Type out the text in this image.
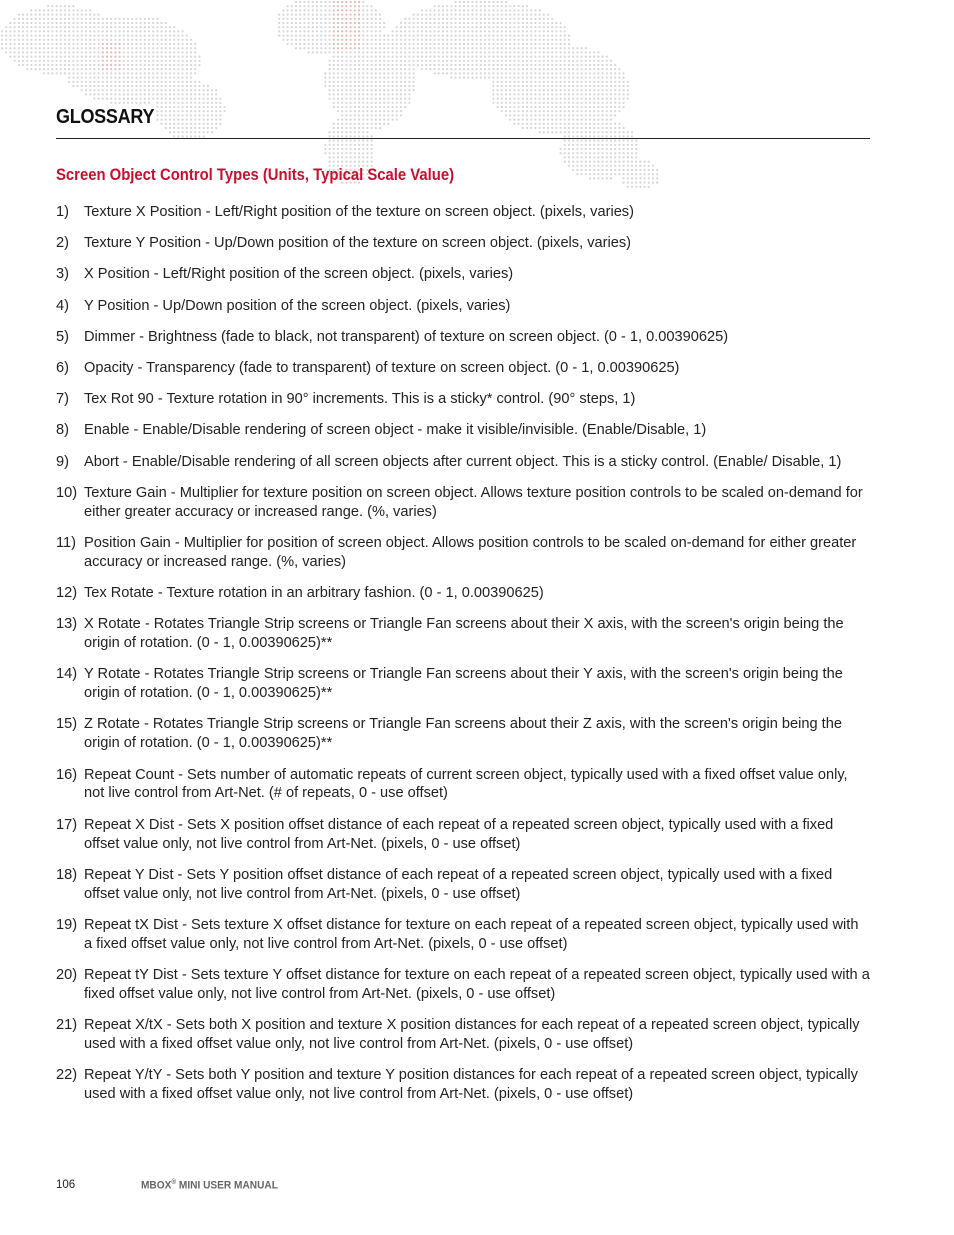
GLOSSARY
Screen Object Control Types (Units, Typical Scale Value)
1) Texture X Position - Left/Right position of the texture on screen object. (pixels, varies)
2) Texture Y Position - Up/Down position of the texture on screen object. (pixels, varies)
3) X Position - Left/Right position of the screen object. (pixels, varies)
4) Y Position - Up/Down position of the screen object. (pixels, varies)
5) Dimmer - Brightness (fade to black, not transparent) of texture on screen object. (0 - 1, 0.00390625)
6) Opacity - Transparency (fade to transparent) of texture on screen object. (0 - 1, 0.00390625)
7) Tex Rot 90 - Texture rotation in 90° increments. This is a sticky* control. (90° steps, 1)
8) Enable - Enable/Disable rendering of screen object - make it visible/invisible. (Enable/Disable, 1)
9) Abort - Enable/Disable rendering of all screen objects after current object. This is a sticky control. (Enable/ Disable, 1)
10) Texture Gain - Multiplier for texture position on screen object. Allows texture position controls to be scaled on-demand for either greater accuracy or increased range. (%, varies)
11) Position Gain - Multiplier for position of screen object. Allows position controls to be scaled on-demand for either greater accuracy or increased range. (%, varies)
12) Tex Rotate - Texture rotation in an arbitrary fashion. (0 - 1, 0.00390625)
13) X Rotate - Rotates Triangle Strip screens or Triangle Fan screens about their X axis, with the screen's origin being the origin of rotation. (0 - 1, 0.00390625)**
14) Y Rotate - Rotates Triangle Strip screens or Triangle Fan screens about their Y axis, with the screen's origin being the origin of rotation. (0 - 1, 0.00390625)**
15) Z Rotate - Rotates Triangle Strip screens or Triangle Fan screens about their Z axis, with the screen's origin being the origin of rotation. (0 - 1, 0.00390625)**
16) Repeat Count - Sets number of automatic repeats of current screen object, typically used with a fixed offset value only, not live control from Art-Net. (# of repeats, 0 - use offset)
17) Repeat X Dist - Sets X position offset distance of each repeat of a repeated screen object, typically used with a fixed offset value only, not live control from Art-Net. (pixels, 0 - use offset)
18) Repeat Y Dist - Sets Y position offset distance of each repeat of a repeated screen object, typically used with a fixed offset value only, not live control from Art-Net. (pixels, 0 - use offset)
19) Repeat tX Dist - Sets texture X offset distance for texture on each repeat of a repeated screen object, typically used with a fixed offset value only, not live control from Art-Net. (pixels, 0 - use offset)
20) Repeat tY Dist - Sets texture Y offset distance for texture on each repeat of a repeated screen object, typically used with a fixed offset value only, not live control from Art-Net. (pixels, 0 - use offset)
21) Repeat X/tX - Sets both X position and texture X position distances for each repeat of a repeated screen object, typically used with a fixed offset value only, not live control from Art-Net. (pixels, 0 - use offset)
22) Repeat Y/tY - Sets both Y position and texture Y position distances for each repeat of a repeated screen object, typically used with a fixed offset value only, not live control from Art-Net. (pixels, 0 - use offset)
106	MBOX® MINI USER MANUAL
